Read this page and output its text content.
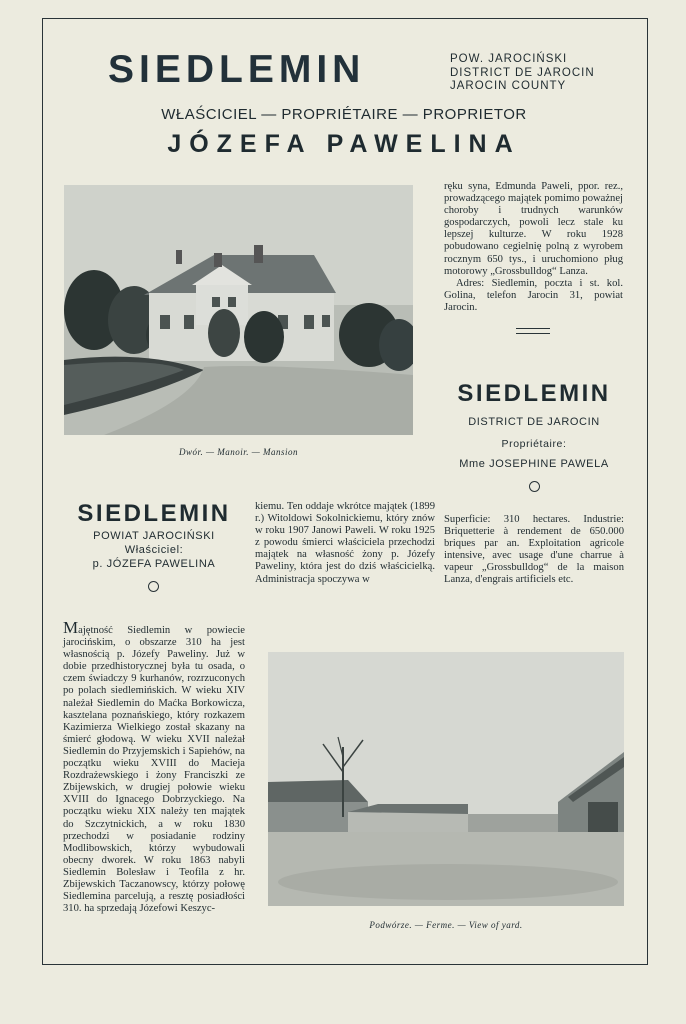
SIEDLEMIN	POW. JAROCIŃSKI
DISTRICT DE JAROCIN
JAROCIN COUNTY
WŁAŚCICIEL — PROPRIÉTAIRE — PROPRIETOR
JÓZEFA PAWELINA
Dwór. — Manoir. — Mansion

ręku syna, Edmunda Paweli, ppor. rez., prowadzącego majątek pomimo poważnej choroby i trudnych warunków gospodarczych, powoli lecz stale ku lepszej kulturze. W roku 1928 pobudowano cegielnię polną z wyrobem rocznym 650 tys., i uruchomiono pług motorowy „Grossbulldog“ Lanza.

Adres: Siedlemin, poczta i st. kol. Golina, telefon Jarocin 31, powiat Jarocin.

SIEDLEMIN
DISTRICT DE JAROCIN
Propriétaire:
Mme JOSEPHINE PAWELA
Superficie: 310 hectares. Industrie: Briquetterie à rendement de 650.000 briques par an. Exploitation agricole intensive, avec usage d'une charrue à vapeur „Grossbulldog“ de la maison Lanza, d'engrais artificiels etc.
SIEDLEMIN
POWIAT JAROCIŃSKI
Właściciel:
p. JÓZEFA PAWELINA
kiemu. Ten oddaje wkrótce majątek (1899 r.) Witoldowi Sokolnickiemu, który znów w roku 1907 Janowi Paweli. W roku 1925 z powodu śmierci właściciela przechodzi majątek na własność żony p. Józefy Paweliny, która jest do dziś właścicielką. Administracja spoczywa w

Majętność Siedlemin w powiecie jarocińskim, o obszarze 310 ha jest własnością p. Józefy Paweliny. Już w dobie przedhistorycznej była tu osada, o czem świadczy 9 kurhanów, rozrzuconych po polach siedlemińskich. W wieku XIV należał Siedlemin do Maćka Borkowicza, kasztelana poznańskiego, który rozkazem Kazimierza Wielkiego został skazany na śmierć głodową. W wieku XVII należał Siedlemin do Przyjemskich i Sapiehów, na początku wieku XVIII do Macieja Rozdrażewskiego i żony Franciszki ze Zbijewskich, w drugiej połowie wieku XVIII do Ignacego Dobrzyckiego. Na początku wieku XIX należy ten majątek do Szczytnickich, a w roku 1830 przechodzi w posiadanie rodziny Modlibowskich, którzy wybudowali obecny dworek. W roku 1863 nabyli Siedlemin Bolesław i Teofila z hr. Zbijewskich Taczanowscy, którzy połowę Siedlemina parcelują, a resztę posiadłości 310. ha sprzedają Józefowi Keszyc-

Podwórze. — Ferme. — View of yard.
